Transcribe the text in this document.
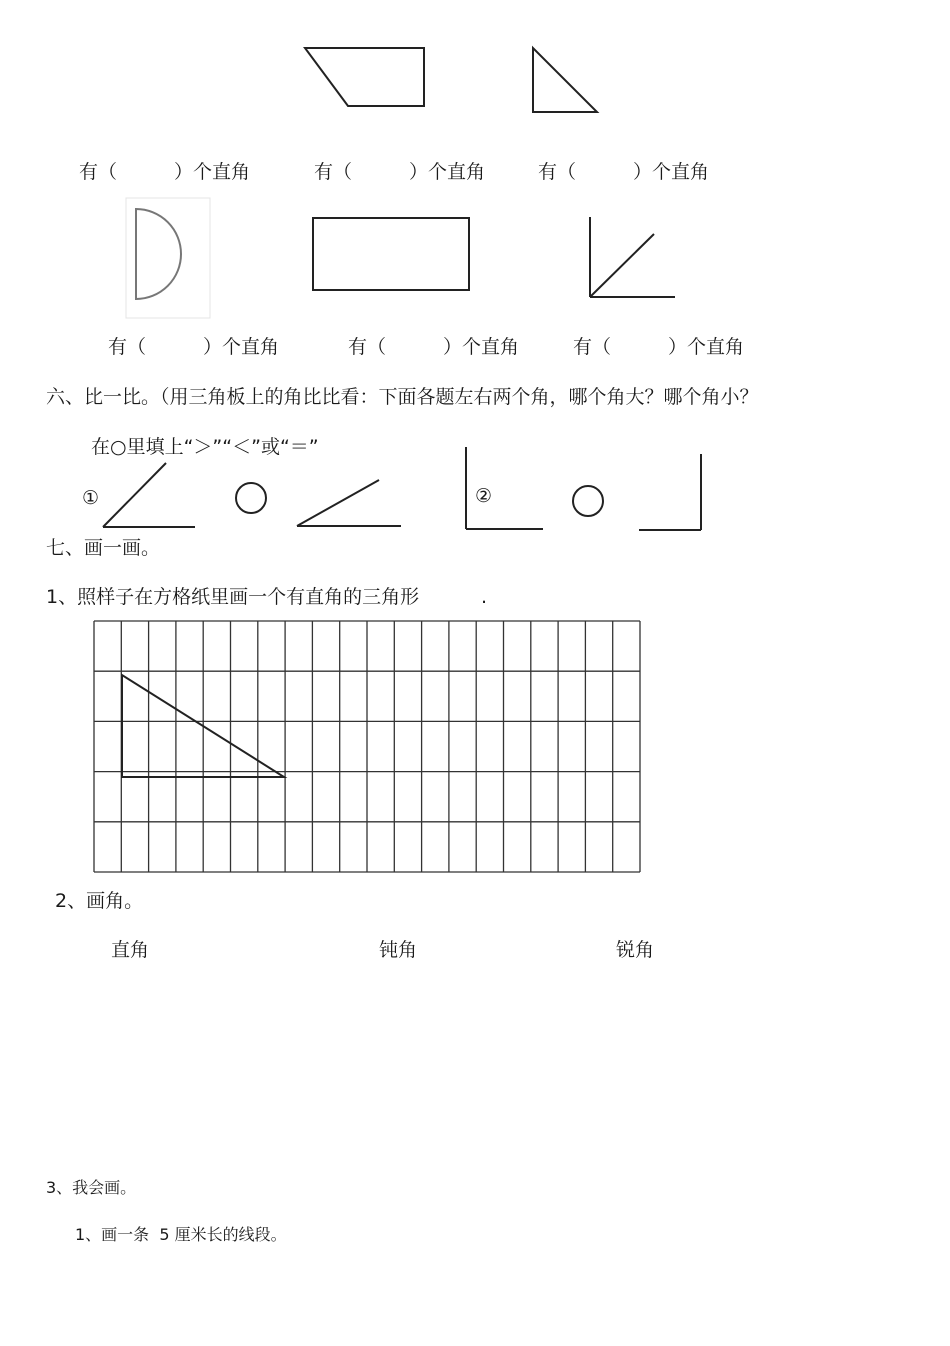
有（　　　）个直角	有（　　　）个直角	有（　　　）个直角
有（　　　）个直角	有（　　　）个直角	有（　　　）个直角
六、比一比。（用三角板上的角比比看：下面各题左右两个角，哪个角大？哪个角小？
在○里填上“＞”“＜”或“＝”
①	②
七、画一画。
1、照样子在方格纸里画一个有直角的三角形	.
2、画角。
直角	钝角	锐角
3、我会画。
1、画一条  5 厘米长的线段。
